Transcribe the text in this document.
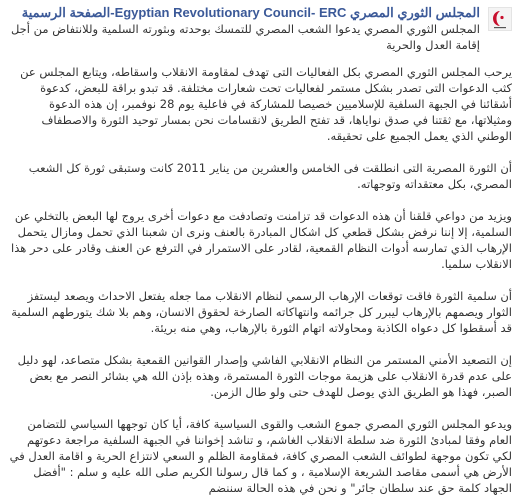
المجلس الثوري المصري Egyptian Revolutionary Council- ERC-الصفحة الرسمية

المجلس الثوري المصري يدعوا الشعب المصري للتمسك بوحدته وبثورته السلمية وللانتفاض من أجل إقامة العدل والحرية

يرحب المجلس الثوري المصري بكل الفعاليات التى تهدف لمقاومة الانقلاب واسقاطه، ويتابع المجلس عن كثب الدعوات التى تصدر بشكل مستمر لفعاليات تحت شعارات مختلفة. قد تبدو براقة للبعض، كدعوة أشقائنا في الجبهة السلفية للإسلاميين خصيصا للمشاركة في فاعلية يوم 28 نوفمبر، إن هذه الدعوة ومثيلاتها، مع ثقتنا في صدق نواياها، قد تفتح الطريق لانقسامات نحن بمسار توحيد الثورة والاصطفاف الوطني الذي يعمل الجميع على تحقيقه.

أن الثورة المصرية التى انطلقت فى الخامس والعشرين من يناير 2011 كانت وستبقى ثورة كل الشعب المصري، بكل معتقداته وتوجهاته.

ويزيد من دواعي قلقنا أن هذه الدعوات قد تزامنت وتصادفت مع دعوات أخرى يروج لها البعض بالتخلي عن السلمية، إلا إننا نرفض بشكل قطعي كل اشكال المبادرة بالعنف ونرى ان شعبنا الذي تحمل ومازال يتحمل الإرهاب الذي تمارسه أدوات النظام القمعية، لقادر على الاستمرار في الترفع عن العنف وقادر على دحر هذا الانقلاب سلميا.

أن سلمية الثورة فاقت توقعات الإرهاب الرسمي لنظام الانقلاب مما جعله يفتعل الاحداث ويصعد ليستفز الثوار ويصمهم بالإرهاب ليبرر كل جرائمه وانتهاكاته الصارخة لحقوق الانسان، وهم بلا شك يتورطهم السلمية قد أسقطوا كل دعواه الكاذبة ومحاولاته اتهام الثورة بالإرهاب، وهي منه بريئة.

إن التصعيد الأمني المستمر من النظام الانقلابي الفاشي وإصدار القوانين القمعية بشكل متصاعد، لهو دليل على عدم قدرة الانقلاب على هزيمة موجات الثورة المستمرة، وهذه بإذن الله هي بشائر النصر مع بعض الصبر، فهذا هو الطريق الذي يوصل للهدف حتى ولو طال الزمن.

ويدعو المجلس الثوري المصري جموع الشعب والقوى السياسية كافة، أيا كان توجهها السياسي للتضامن العام وفقا لمبادئ الثورة ضد سلطة الانقلاب الغاشم، و تناشد إخواننا في الجبهة السلفية مراجعة دعوتهم لكي تكون موجهة لطوائف الشعب المصري كافة، فمقاومة الظلم و السعي لانتزاع الحرية و اقامة العدل في الأرض هي أسمى مقاصد الشريعة الإسلامية ، و كما قال رسولنا الكريم صلى الله عليه و سلم : "أفضل الجهاد كلمة حق عند سلطان جائر" و نحن في هذه الحالة سننضم
